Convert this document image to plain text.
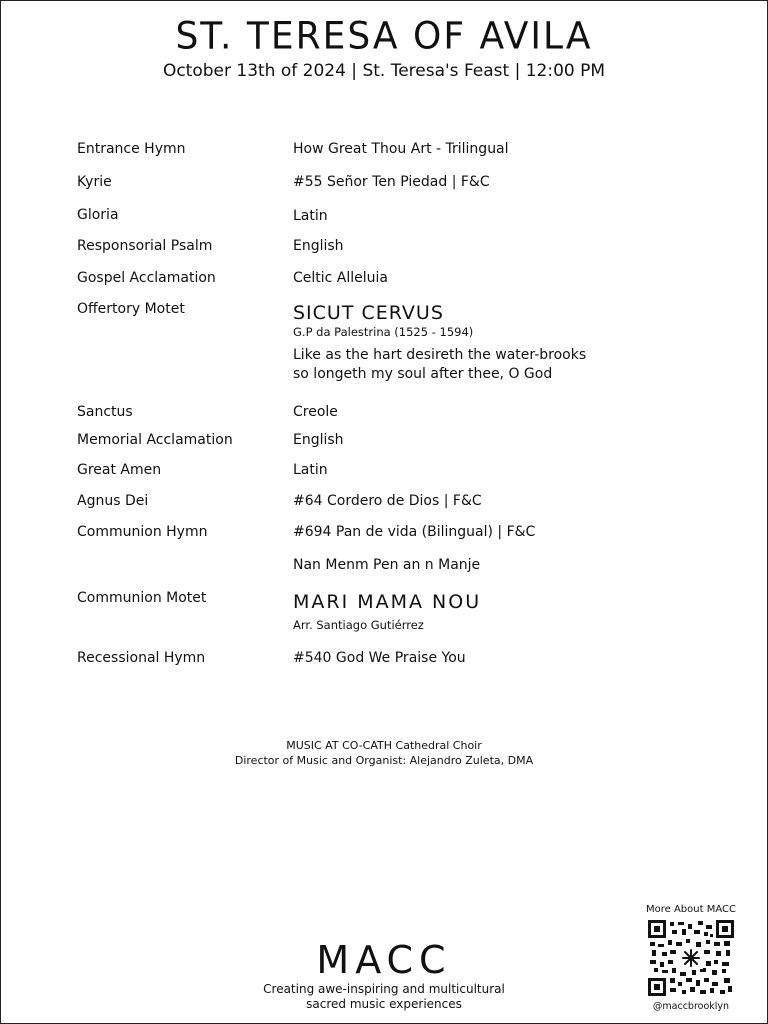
ST. TERESA OF AVILA
October 13th of 2024 | St. Teresa's Feast | 12:00 PM
Entrance Hymn	How Great Thou Art - Trilingual
Kyrie	#55 Señor Ten Piedad | F&C
Gloria	Latin
Responsorial Psalm	English
Gospel Acclamation	Celtic Alleluia
Offertory Motet	SICUT CERVUS
G.P da Palestrina (1525 - 1594)
Like as the hart desireth the water-brooks
so longeth my soul after thee, O God
Sanctus	Creole
Memorial Acclamation	English
Great Amen	Latin
Agnus Dei	#64 Cordero de Dios | F&C
Communion Hymn	#694 Pan de vida (Bilingual) | F&C
Nan Menm Pen an n Manje
Communion Motet	MARI MAMA NOU
Arr. Santiago Gutiérrez
Recessional Hymn	#540 God We Praise You
MUSIC AT CO-CATH Cathedral Choir
Director of Music and Organist: Alejandro Zuleta, DMA
MACC
Creating awe-inspiring and multicultural
sacred music experiences
More About MACC
@maccbrooklyn
